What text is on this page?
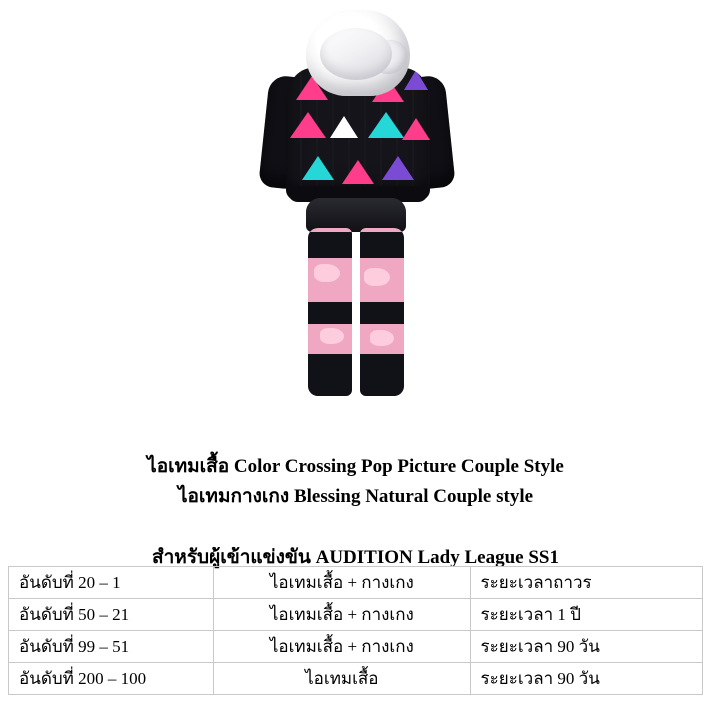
ไอเทมเสื้อ Color Crossing Pop Picture Couple Style
ไอเทมกางเกง Blessing Natural Couple style
สำหรับผู้เข้าแข่งขัน AUDITION Lady League SS1
อันดับที่ 20 – 1	ไอเทมเสื้อ + กางเกง	ระยะเวลาถาวร
อันดับที่ 50 – 21	ไอเทมเสื้อ + กางเกง	ระยะเวลา 1 ปี
อันดับที่ 99 – 51	ไอเทมเสื้อ + กางเกง	ระยะเวลา 90 วัน
อันดับที่ 200 – 100	ไอเทมเสื้อ	ระยะเวลา 90 วัน
